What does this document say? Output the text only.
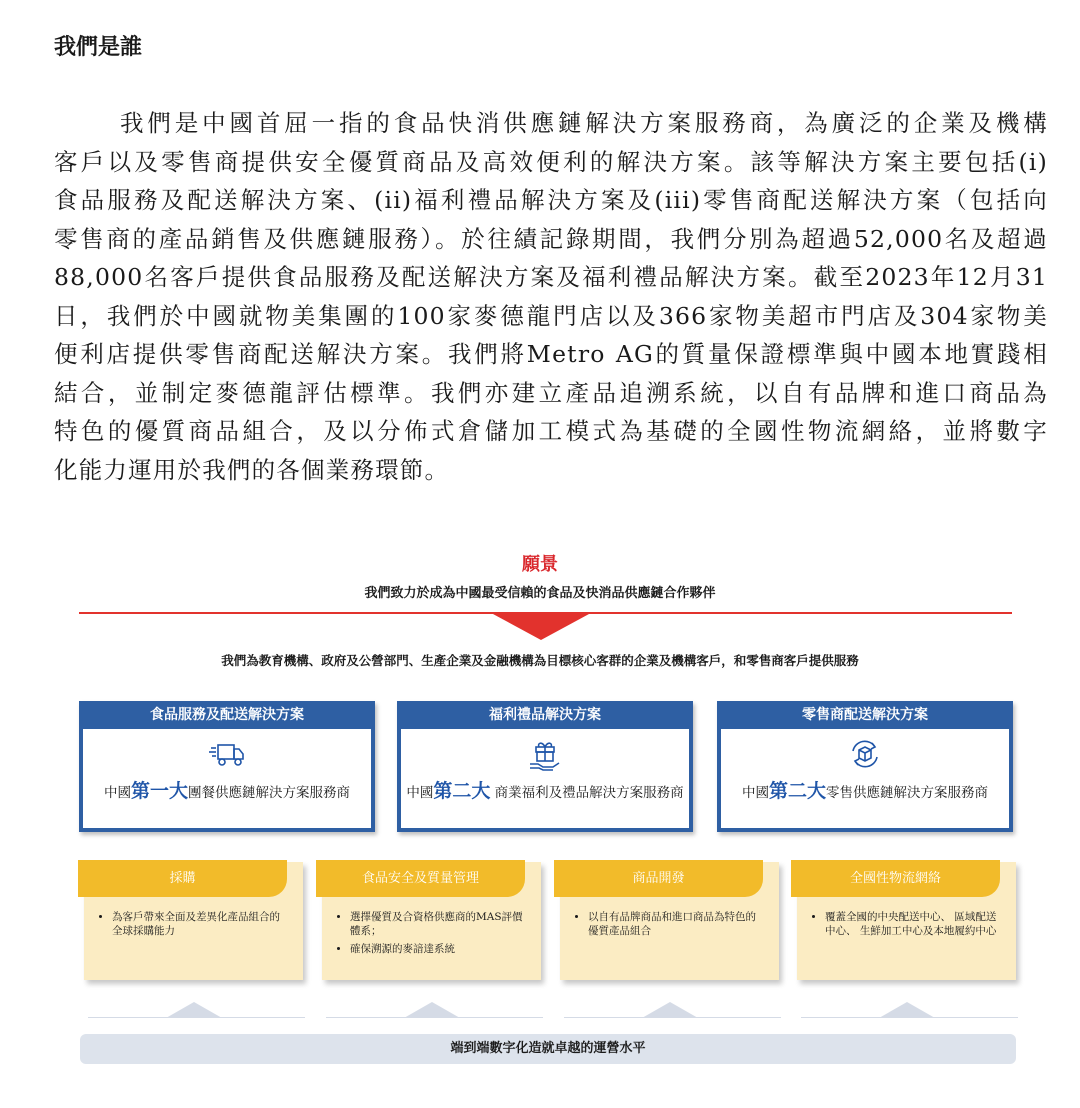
我們是誰
我們是中國首屈一指的食品快消供應鏈解決方案服務商，為廣泛的企業及機構
客戶以及零售商提供安全優質商品及高效便利的解決方案。該等解決方案主要包括(i)
食品服務及配送解決方案、(ii)福利禮品解決方案及(iii)零售商配送解決方案（包括向
零售商的產品銷售及供應鏈服務）。於往績記錄期間，我們分別為超過52,000名及超過
88,000名客戶提供食品服務及配送解決方案及福利禮品解決方案。截至2023年12月31
日，我們於中國就物美集團的100家麥德龍門店以及366家物美超市門店及304家物美
便利店提供零售商配送解決方案。我們將Metro AG的質量保證標準與中國本地實踐相
結合，並制定麥德龍評估標準。我們亦建立產品追溯系統，以自有品牌和進口商品為
特色的優質商品組合，及以分佈式倉儲加工模式為基礎的全國性物流網絡，並將數字
化能力運用於我們的各個業務環節。
願景
我們致力於成為中國最受信賴的食品及快消品供應鏈合作夥伴
我們為教育機構、政府及公營部門、生產企業及金融機構為目標核心客群的企業及機構客戶，和零售商客戶提供服務
食品服務及配送解決方案
中國第一大團餐供應鏈解決方案服務商
福利禮品解決方案
中國第二大 商業福利及禮品解決方案服務商
零售商配送解決方案
中國第二大零售供應鏈解決方案服務商
採購
• 為客戶帶來全面及差異化產品組合的全球採購能力
食品安全及質量管理
• 選擇優質及合資格供應商的MAS評價體系；
• 確保溯源的麥諳達系統
商品開發
• 以自有品牌商品和進口商品為特色的優質產品組合
全國性物流網絡
• 覆蓋全國的中央配送中心、 區域配送中心、 生鮮加工中心及本地履約中心
端到端數字化造就卓越的運營水平
